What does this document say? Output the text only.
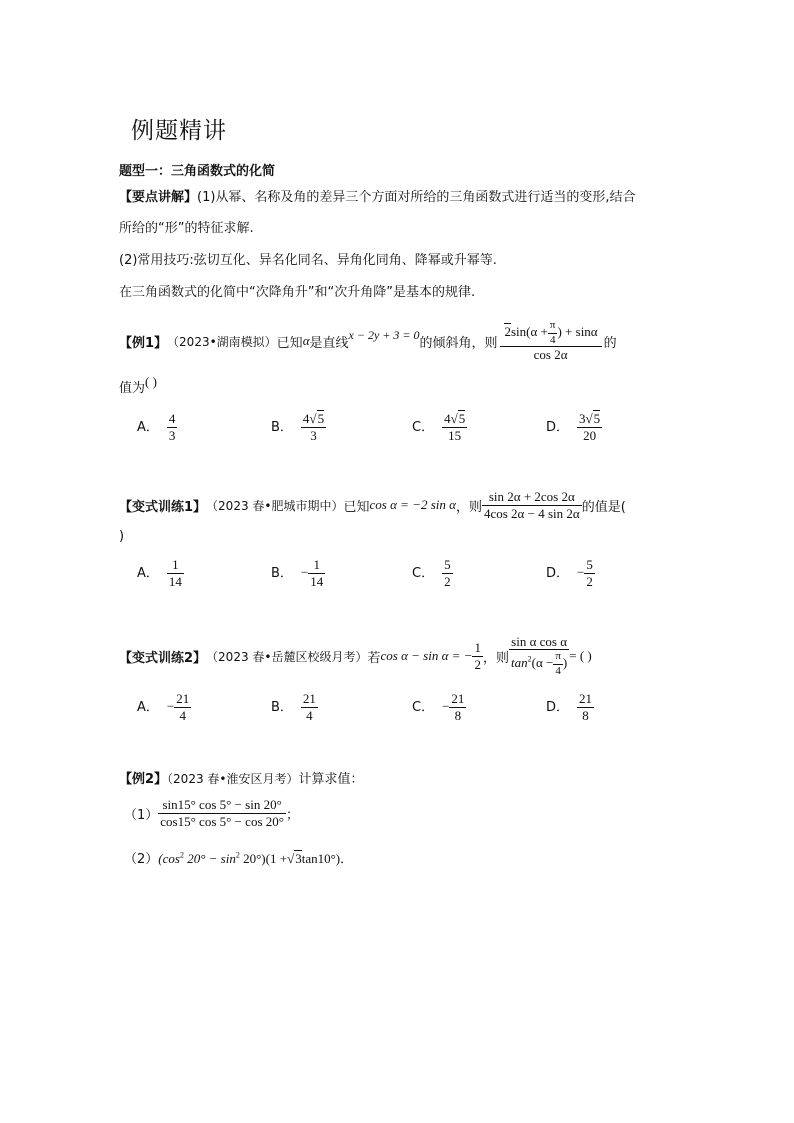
例题精讲
题型一：三角函数式的化简
【要点讲解】(1)从幂、名称及角的差异三个方面对所给的三角函数式进行适当的变形,结合
所给的“形”的特征求解.
(2)常用技巧:弦切互化、异名化同名、异角化同角、降幂或升幂等.
在三角函数式的化简中“次降角升”和“次升角降”是基本的规律.
【例1】 （2023•湖南模拟） 已知 α 是直线
x − 2y + 3 = 0
的倾斜角，则 $\frac{2\sin(\alpha + \frac{\pi}{4} ) + \sin\alpha}{\cos 2\alpha}$ 的
值为( )
A． $\frac{4}{3}$	B． $\frac{4√5}{3}$	C． $\frac{4√5}{15}$	D． $\frac{3√5}{20}$
【变式训练1】 （2023 春•肥城市期中） 已知 cos α = −2 sin α ，则 $\frac{\sin 2\alpha + 2\cos 2\alpha}{4\cos 2\alpha - 4 \sin 2\alpha}$ 的值是(
)
A． $\frac{1}{14}$	B． − $\frac{1}{14}$	C． $\frac{5}{2}$	D． − $\frac{5}{2}$
【变式训练2】 （2023 春•岳麓区校级月考） 若 cos α − sin α = − $\frac{1}{2}$ ，则 $\frac{\text{sin α cos α}}{\tan^2(\alpha - \frac{\pi}{4} )}$ = ( )
A． − $\frac{21}{4}$	B． $\frac{21}{4}$	C． − $\frac{21}{8}$	D． $\frac{21}{8}$
【例2】（2023 春•淮安区月考）计算求值：
$(1) \frac{\sin 15^\circ \cos 5^\circ - \sin 20^\circ}{\cos 15^\circ \cos 5^\circ - \cos 20^\circ}$ ；
$(2)(\cos^2$ $20^\circ - \sin^2 20^\circ)(1 +√3\tan 10^\circ)$．
